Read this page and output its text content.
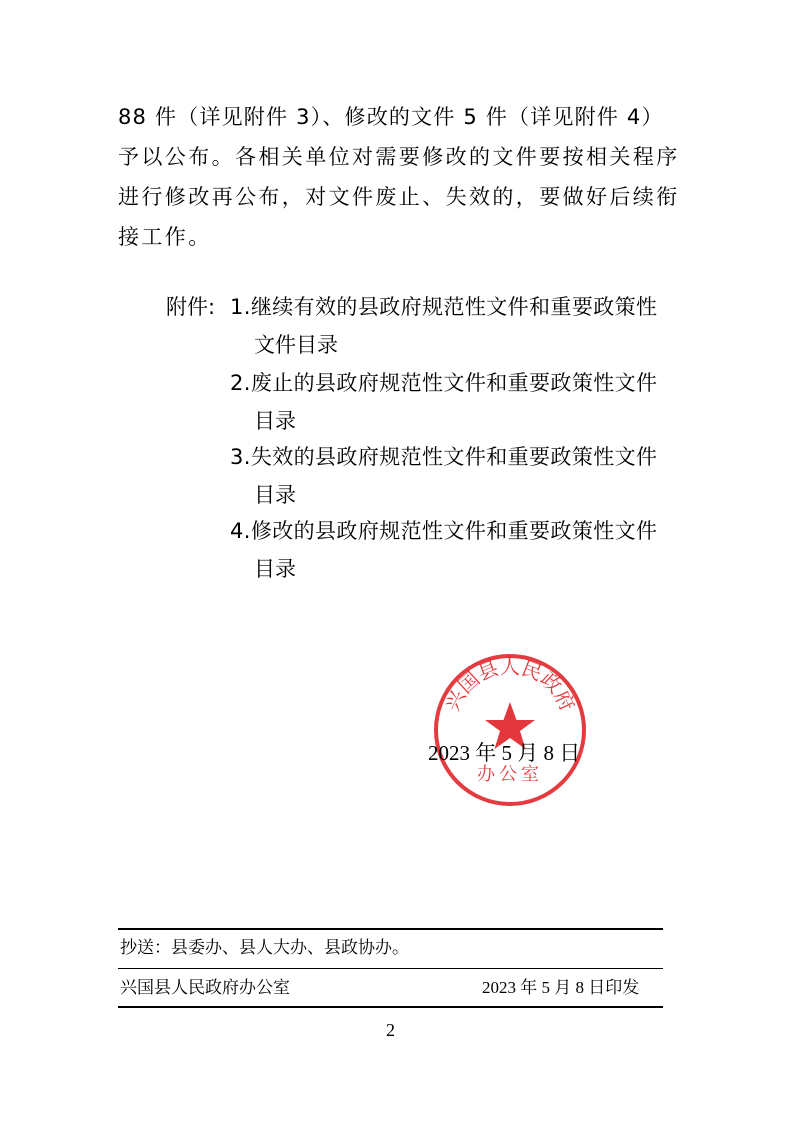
88 件（详见附件 3）、修改的文件 5 件（详见附件 4）
予以公布。各相关单位对需要修改的文件要按相关程序
进行修改再公布，对文件废止、失效的，要做好后续衔
接工作。
附件: 1.继续有效的县政府规范性文件和重要政策性
文件目录
2.废止的县政府规范性文件和重要政策性文件
目录
3.失效的县政府规范性文件和重要政策性文件
目录
4.修改的县政府规范性文件和重要政策性文件
目录
兴国县人民政府
办公室
2023 年 5 月 8 日
抄送：县委办、县人大办、县政协办。
兴国县人民政府办公室	2023 年 5 月 8 日印发
2
